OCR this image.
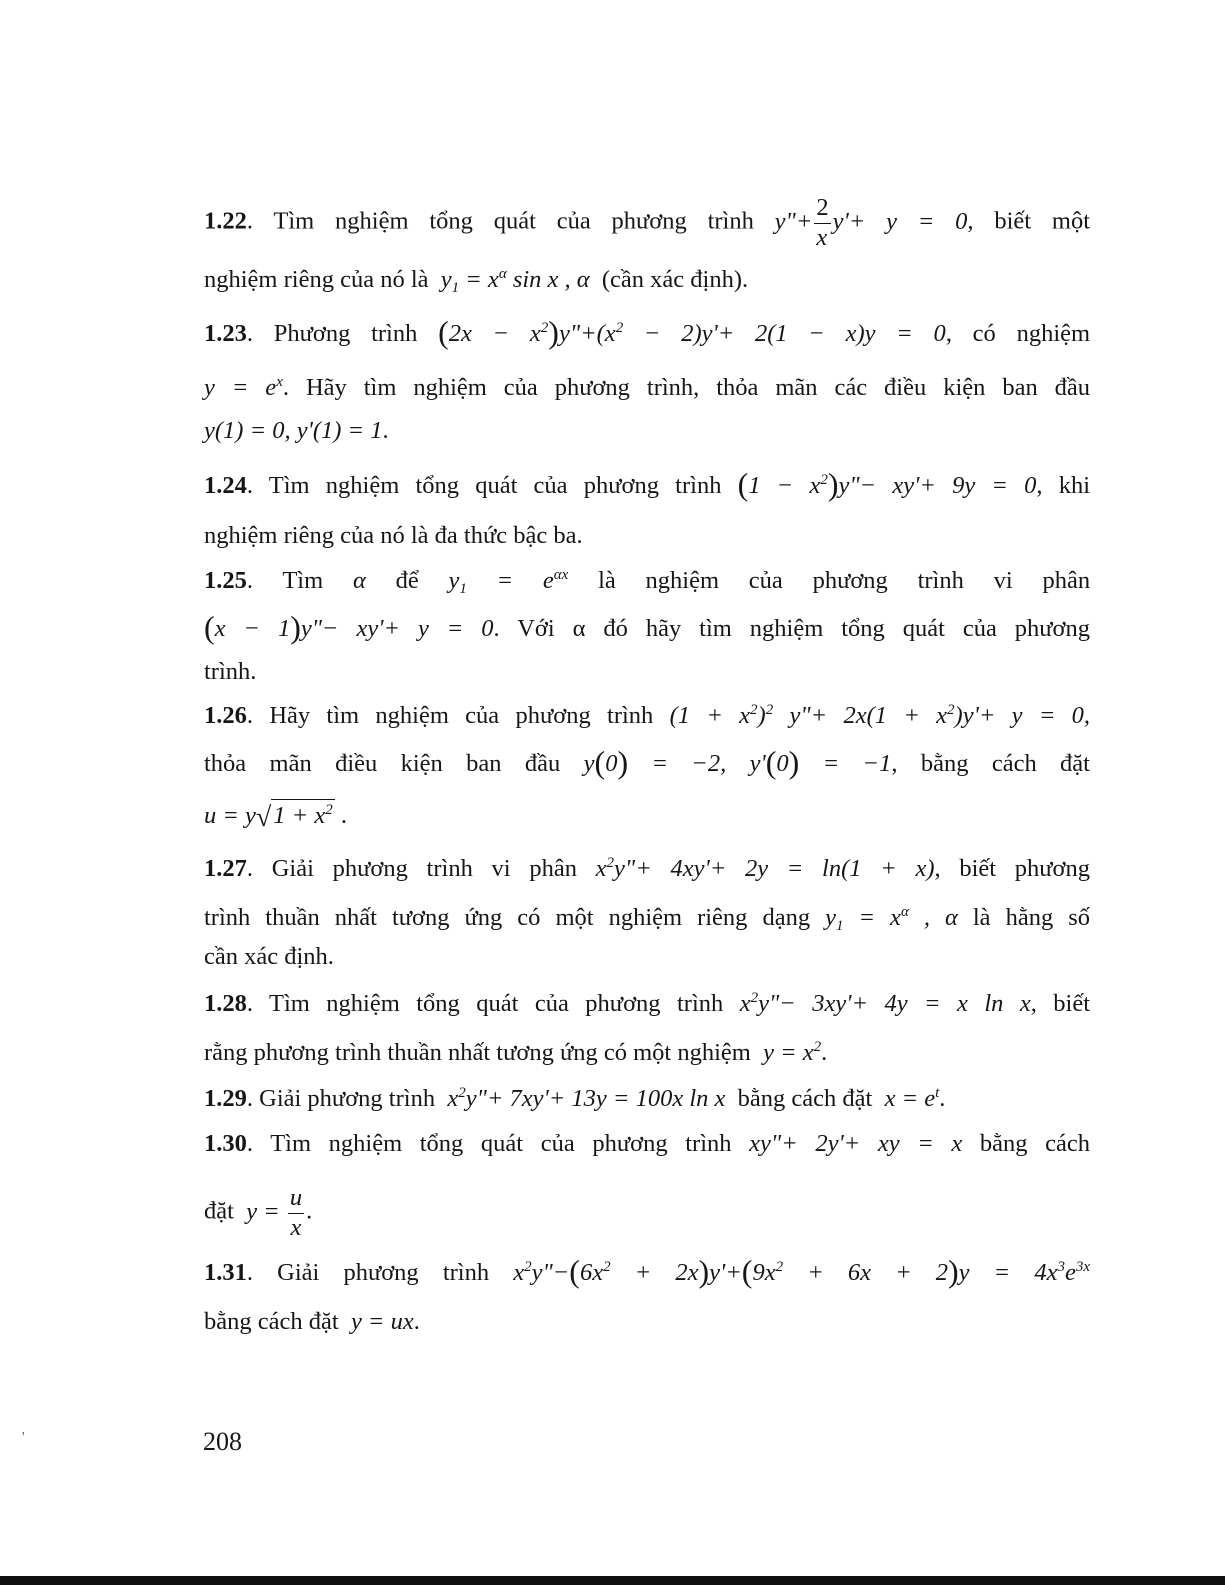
1.22. Tìm nghiệm tổng quát của phương trình y"+ $\frac{2}{x} y'+ y = 0$, biết một
nghiệm riêng của nó là $y_1 = x^\alpha$ sin x , α (cần xác định).
1.23. Phương trình $(2x - x^2)y"+(x^2 - 2)y'+ 2(1 - x)y = 0$, có nghiệm
$y = e^x$. Hãy tìm nghiệm của phương trình, thỏa mãn các điều kiện ban đầu
y(1) = 0, y'(1) = 1.
1.24. Tìm nghiệm tổng quát của phương trình $(1 - x^2)y"- xy'+ 9y = 0$, khi
nghiệm riêng của nó là đa thức bậc ba.
1.25. Tìm α để $y_1 = e^{\alpha x}$ là nghiệm của phương trình vi phân
(x − 1)y"− xy'+ y = 0. Với α đó hãy tìm nghiệm tổng quát của phương
trình.
1.26. Hãy tìm nghiệm của phương trình $(1 + x^2)^2$ y"+ $2x(1 + x^2)y'+ y = 0$,
thỏa mãn điều kiện ban đầu y(0) = −2, y'(0) = −1, bằng cách đặt
$u = y√1 + x^2$ .
1.27. Giải phương trình vi phân $x^2y"+ 4xy'+ 2y = \ln(1 + x)$, biết phương
trình thuần nhất tương ứng có một nghiệm riêng dạng $y_1 = x^\alpha$ , α là hằng số
cần xác định.
1.28. Tìm nghiệm tổng quát của phương trình $x^2y"- 3xy'+ 4y = x$ ln x, biết
rằng phương trình thuần nhất tương ứng có một nghiệm $y = x^2$.
1.29. Giải phương trình $x^2y"+ 7xy'+ 13y = 100x$ ln x bằng cách đặt $x = e^t$.
1.30. Tìm nghiệm tổng quát của phương trình xy"+ 2y'+ xy = x bằng cách
đặt $y = \frac{u}{x}$ .
1.31. Giải phương trình $x^2y"-(6x^2 + 2x)y'+(9x^2 + 6x + 2)y = 4x^3e^{3x}$
bằng cách đặt y = ux.
208
'
